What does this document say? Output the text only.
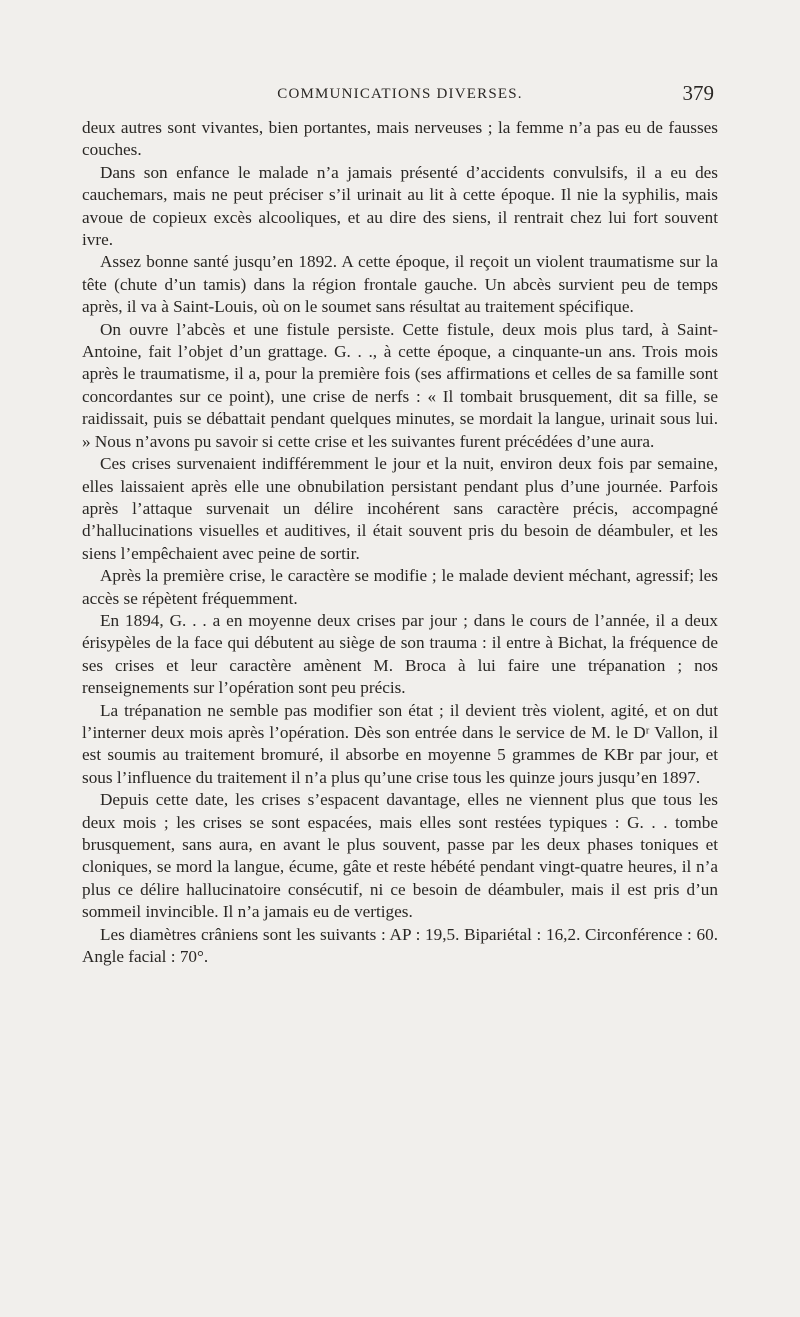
COMMUNICATIONS DIVERSES.	379

deux autres sont vivantes, bien portantes, mais nerveuses ; la femme n’a pas eu de fausses couches.

Dans son enfance le malade n’a jamais présenté d’accidents convulsifs, il a eu des cauchemars, mais ne peut préciser s’il urinait au lit à cette époque. Il nie la syphilis, mais avoue de copieux excès alcooliques, et au dire des siens, il rentrait chez lui fort souvent ivre.

Assez bonne santé jusqu’en 1892. A cette époque, il reçoit un violent traumatisme sur la tête (chute d’un tamis) dans la région frontale gauche. Un abcès survient peu de temps après, il va à Saint-Louis, où on le soumet sans résultat au traitement spécifique.

On ouvre l’abcès et une fistule persiste. Cette fistule, deux mois plus tard, à Saint-Antoine, fait l’objet d’un grattage. G. . ., à cette époque, a cinquante-un ans. Trois mois après le traumatisme, il a, pour la première fois (ses affirmations et celles de sa famille sont concordantes sur ce point), une crise de nerfs : « Il tombait brusquement, dit sa fille, se raidissait, puis se débattait pendant quelques minutes, se mordait la langue, urinait sous lui. » Nous n’avons pu savoir si cette crise et les suivantes furent précédées d’une aura.

Ces crises survenaient indifféremment le jour et la nuit, environ deux fois par semaine, elles laissaient après elle une obnubilation persistant pendant plus d’une journée. Parfois après l’attaque survenait un délire incohérent sans caractère précis, accompagné d’hallucinations visuelles et auditives, il était souvent pris du besoin de déambuler, et les siens l’empêchaient avec peine de sortir.

Après la première crise, le caractère se modifie ; le malade devient méchant, agressif; les accès se répètent fréquemment.

En 1894, G. . . a en moyenne deux crises par jour ; dans le cours de l’année, il a deux érisypèles de la face qui débutent au siège de son trauma : il entre à Bichat, la fréquence de ses crises et leur caractère amènent M. Broca à lui faire une trépanation ; nos renseignements sur l’opération sont peu précis.

La trépanation ne semble pas modifier son état ; il devient très violent, agité, et on dut l’interner deux mois après l’opération. Dès son entrée dans le service de M. le Dʳ Vallon, il est soumis au traitement bromuré, il absorbe en moyenne 5 grammes de KBr par jour, et sous l’influence du traitement il n’a plus qu’une crise tous les quinze jours jusqu’en 1897.

Depuis cette date, les crises s’espacent davantage, elles ne viennent plus que tous les deux mois ; les crises se sont espacées, mais elles sont restées typiques : G. . . tombe brusquement, sans aura, en avant le plus souvent, passe par les deux phases toniques et cloniques, se mord la langue, écume, gâte et reste hébété pendant vingt-quatre heures, il n’a plus ce délire hallucinatoire consécutif, ni ce besoin de déambuler, mais il est pris d’un sommeil invincible. Il n’a jamais eu de vertiges.

Les diamètres crâniens sont les suivants : AP : 19,5. Bipariétal : 16,2. Circonférence : 60. Angle facial : 70°.
